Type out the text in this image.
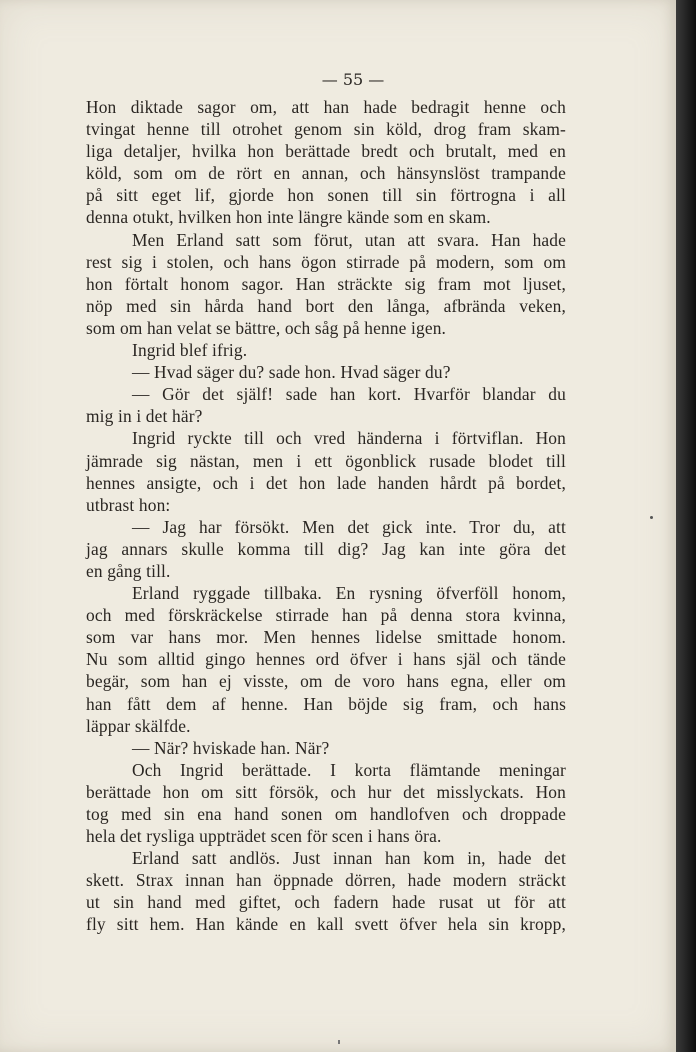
— 55 —
Hon diktade sagor om, att han hade bedragit henne och
tvingat henne till otrohet genom sin köld, drog fram skam-
liga detaljer, hvilka hon berättade bredt och brutalt, med en
köld, som om de rört en annan, och hänsynslöst trampande
på sitt eget lif, gjorde hon sonen till sin förtrogna i all
denna otukt, hvilken hon inte längre kände som en skam.
Men Erland satt som förut, utan att svara. Han hade
rest sig i stolen, och hans ögon stirrade på modern, som om
hon förtalt honom sagor. Han sträckte sig fram mot ljuset,
nöp med sin hårda hand bort den långa, afbrända veken,
som om han velat se bättre, och såg på henne igen.
Ingrid blef ifrig.
— Hvad säger du? sade hon. Hvad säger du?
— Gör det själf! sade han kort. Hvarför blandar du
mig in i det här?
Ingrid ryckte till och vred händerna i förtviflan. Hon
jämrade sig nästan, men i ett ögonblick rusade blodet till
hennes ansigte, och i det hon lade handen hårdt på bordet,
utbrast hon:
— Jag har försökt. Men det gick inte. Tror du, att
jag annars skulle komma till dig? Jag kan inte göra det
en gång till.
Erland ryggade tillbaka. En rysning öfverföll honom,
och med förskräckelse stirrade han på denna stora kvinna,
som var hans mor. Men hennes lidelse smittade honom.
Nu som alltid gingo hennes ord öfver i hans själ och tände
begär, som han ej visste, om de voro hans egna, eller om
han fått dem af henne. Han böjde sig fram, och hans
läppar skälfde.
— När? hviskade han. När?
Och Ingrid berättade. I korta flämtande meningar
berättade hon om sitt försök, och hur det misslyckats. Hon
tog med sin ena hand sonen om handlofven och droppade
hela det rysliga uppträdet scen för scen i hans öra.
Erland satt andlös. Just innan han kom in, hade det
skett. Strax innan han öppnade dörren, hade modern sträckt
ut sin hand med giftet, och fadern hade rusat ut för att
fly sitt hem. Han kände en kall svett öfver hela sin kropp,
